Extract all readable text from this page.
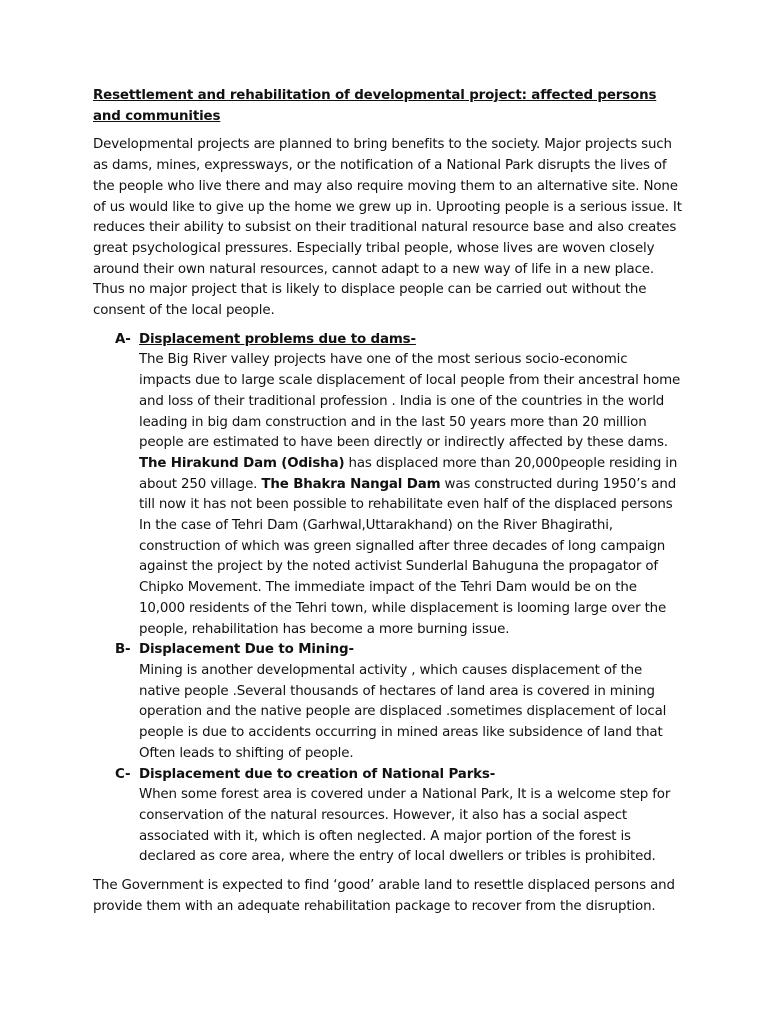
Resettlement and rehabilitation of developmental project: affected persons and communities

Developmental projects are planned to bring benefits to the society. Major projects such as dams, mines, expressways, or the notification of a National Park disrupts the lives of the people who live there and may also require moving them to an alternative site. None of us would like to give up the home we grew up in. Uprooting people is a serious issue. It reduces their ability to subsist on their traditional natural resource base and also creates great psychological pressures. Especially tribal people, whose lives are woven closely around their own natural resources, cannot adapt to a new way of life in a new place. Thus no major project that is likely to displace people can be carried out without the consent of the local people.

A- Displacement problems due to dams-
The Big River valley projects have one of the most serious socio-economic impacts due to large scale displacement of local people from their ancestral home and loss of their traditional profession . India is one of the countries in the world leading in big dam construction and in the last 50 years more than 20 million people are estimated to have been directly or indirectly affected by these dams. The Hirakund Dam (Odisha) has displaced more than 20,000people residing in about 250 village. The Bhakra Nangal Dam was constructed during 1950’s and till now it has not been possible to rehabilitate even half of the displaced persons In the case of Tehri Dam (Garhwal,Uttarakhand) on the River Bhagirathi, construction of which was green signalled after three decades of long campaign against the project by the noted activist Sunderlal Bahuguna the propagator of Chipko Movement. The immediate impact of the Tehri Dam would be on the 10,000 residents of the Tehri town, while displacement is looming large over the people, rehabilitation has become a more burning issue.
B- Displacement Due to Mining-
Mining is another developmental activity , which causes displacement of the native people .Several thousands of hectares of land area is covered in mining operation and the native people are displaced .sometimes displacement of local people is due to accidents occurring in mined areas like subsidence of land that Often leads to shifting of people.
C- Displacement due to creation of National Parks-
When some forest area is covered under a National Park, It is a welcome step for conservation of the natural resources. However, it also has a social aspect associated with it, which is often neglected. A major portion of the forest is declared as core area, where the entry of local dwellers or tribles is prohibited.

The Government is expected to find ‘good’ arable land to resettle displaced persons and provide them with an adequate rehabilitation package to recover from the disruption.
